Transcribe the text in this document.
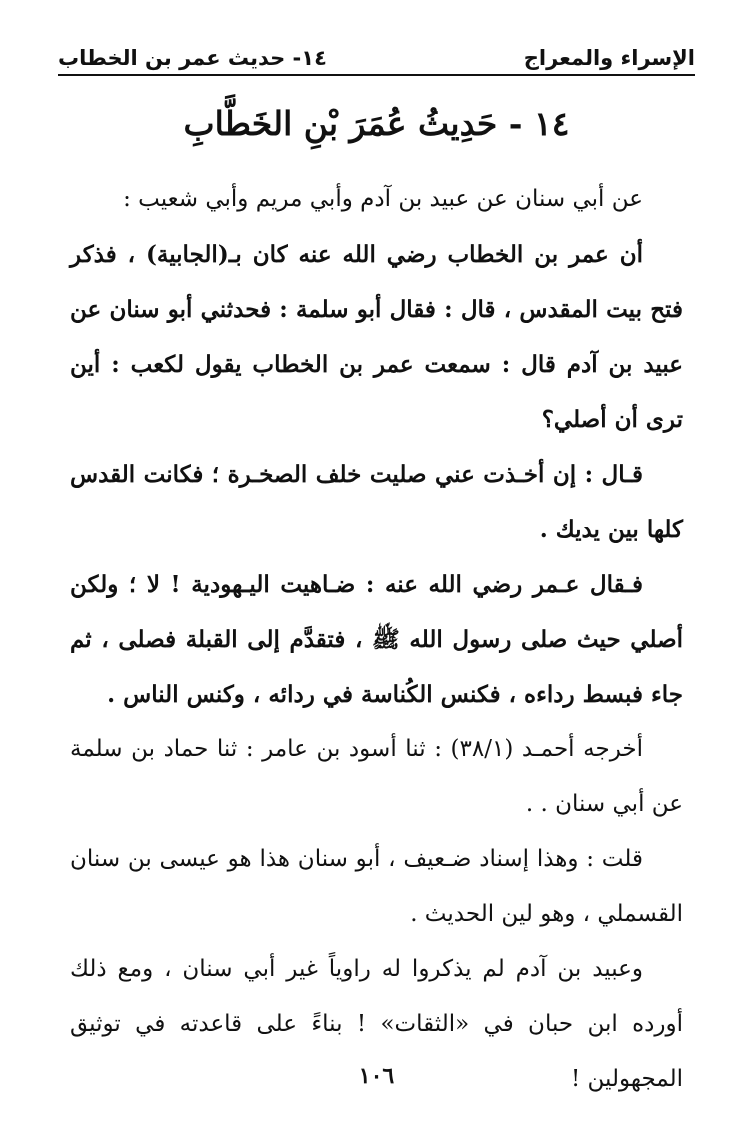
الإسراء والمعراج
١٤- حديث عمر بن الخطاب
١٤ - حَدِيثُ عُمَرَ بْنِ الخَطَّابِ

عن أبي سنان عن عبيد بن آدم وأبي مريم وأبي شعيب :

أن عمر بن الخطاب رضي الله عنه كان بـ(الجابية) ، فذكر فتح بيت المقدس ، قال : فقال أبو سلمة : فحدثني أبو سنان عن عبيد بن آدم قال : سمعت عمر بن الخطاب يقول لكعب : أين ترى أن أصلي؟

قـال : إن أخـذت عني صليت خلف الصخـرة ؛ فكانت القدس كلها بين يديك .

فـقال عـمر رضي الله عنه : ضـاهيت اليـهودية ! لا ؛ ولكن أصلي حيث صلى رسول الله ﷺ ، فتقدَّم إلى القبلة فصلى ، ثم جاء فبسط رداءه ، فكنس الكُناسة في ردائه ، وكنس الناس .

أخرجه أحمـد (٣٨/١) : ثنا أسود بن عامر : ثنا حماد بن سلمة عن أبي سنان . .

قلت : وهذا إسناد ضـعيف ، أبو سنان هذا هو عيسى بن سنان القسملي ، وهو لين الحديث .

وعبيد بن آدم لم يذكروا له راوياً غير أبي سنان ، ومع ذلك أورده ابن حبان في «الثقات» ! بناءً على قاعدته في توثيق المجهولين !

١٠٦
